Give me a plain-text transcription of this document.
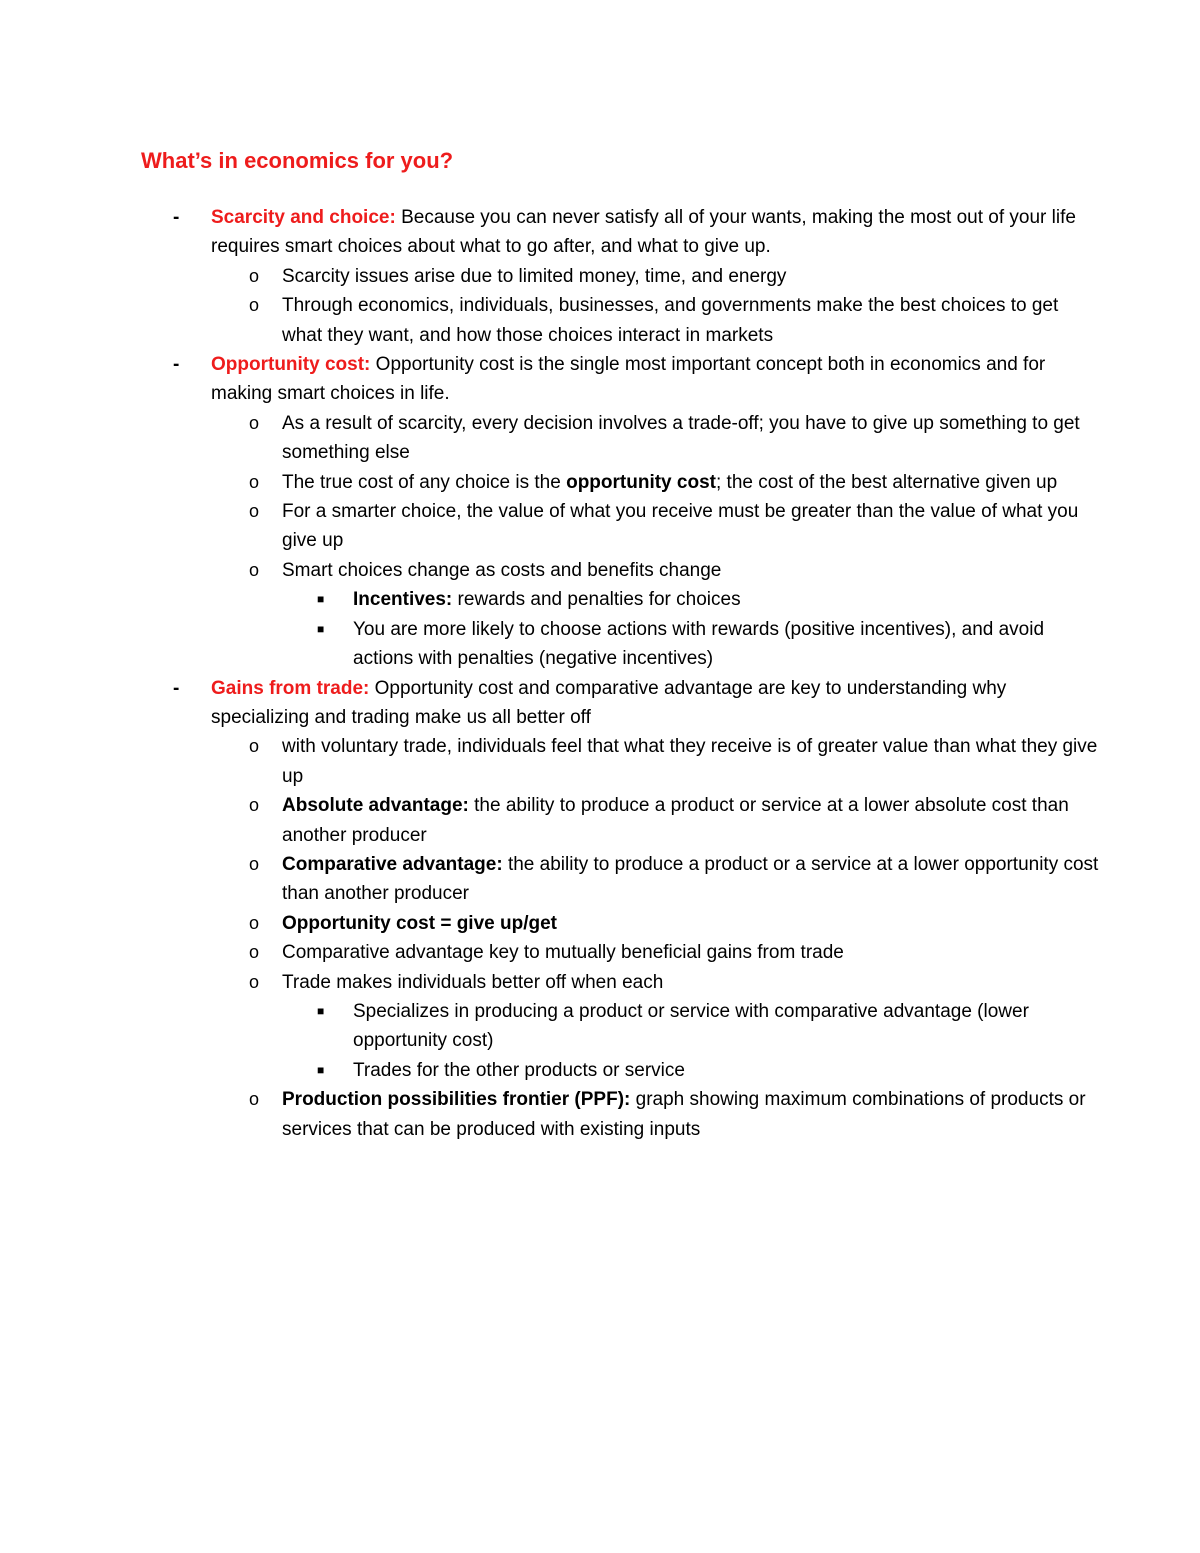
What’s in economics for you?
- Scarcity and choice: Because you can never satisfy all of your wants, making the most out of your life requires smart choices about what to go after, and what to give up.
o Scarcity issues arise due to limited money, time, and energy
o Through economics, individuals, businesses, and governments make the best choices to get what they want, and how those choices interact in markets
- Opportunity cost: Opportunity cost is the single most important concept both in economics and for making smart choices in life.
o As a result of scarcity, every decision involves a trade-off; you have to give up something to get something else
o The true cost of any choice is the opportunity cost; the cost of the best alternative given up
o For a smarter choice, the value of what you receive must be greater than the value of what you give up
o Smart choices change as costs and benefits change
■ Incentives: rewards and penalties for choices
■ You are more likely to choose actions with rewards (positive incentives), and avoid actions with penalties (negative incentives)
- Gains from trade: Opportunity cost and comparative advantage are key to understanding why specializing and trading make us all better off
o with voluntary trade, individuals feel that what they receive is of greater value than what they give up
o Absolute advantage: the ability to produce a product or service at a lower absolute cost than another producer
o Comparative advantage: the ability to produce a product or a service at a lower opportunity cost than another producer
o Opportunity cost = give up/get
o Comparative advantage key to mutually beneficial gains from trade
o Trade makes individuals better off when each
■ Specializes in producing a product or service with comparative advantage (lower opportunity cost)
■ Trades for the other products or service
o Production possibilities frontier (PPF): graph showing maximum combinations of products or services that can be produced with existing inputs
